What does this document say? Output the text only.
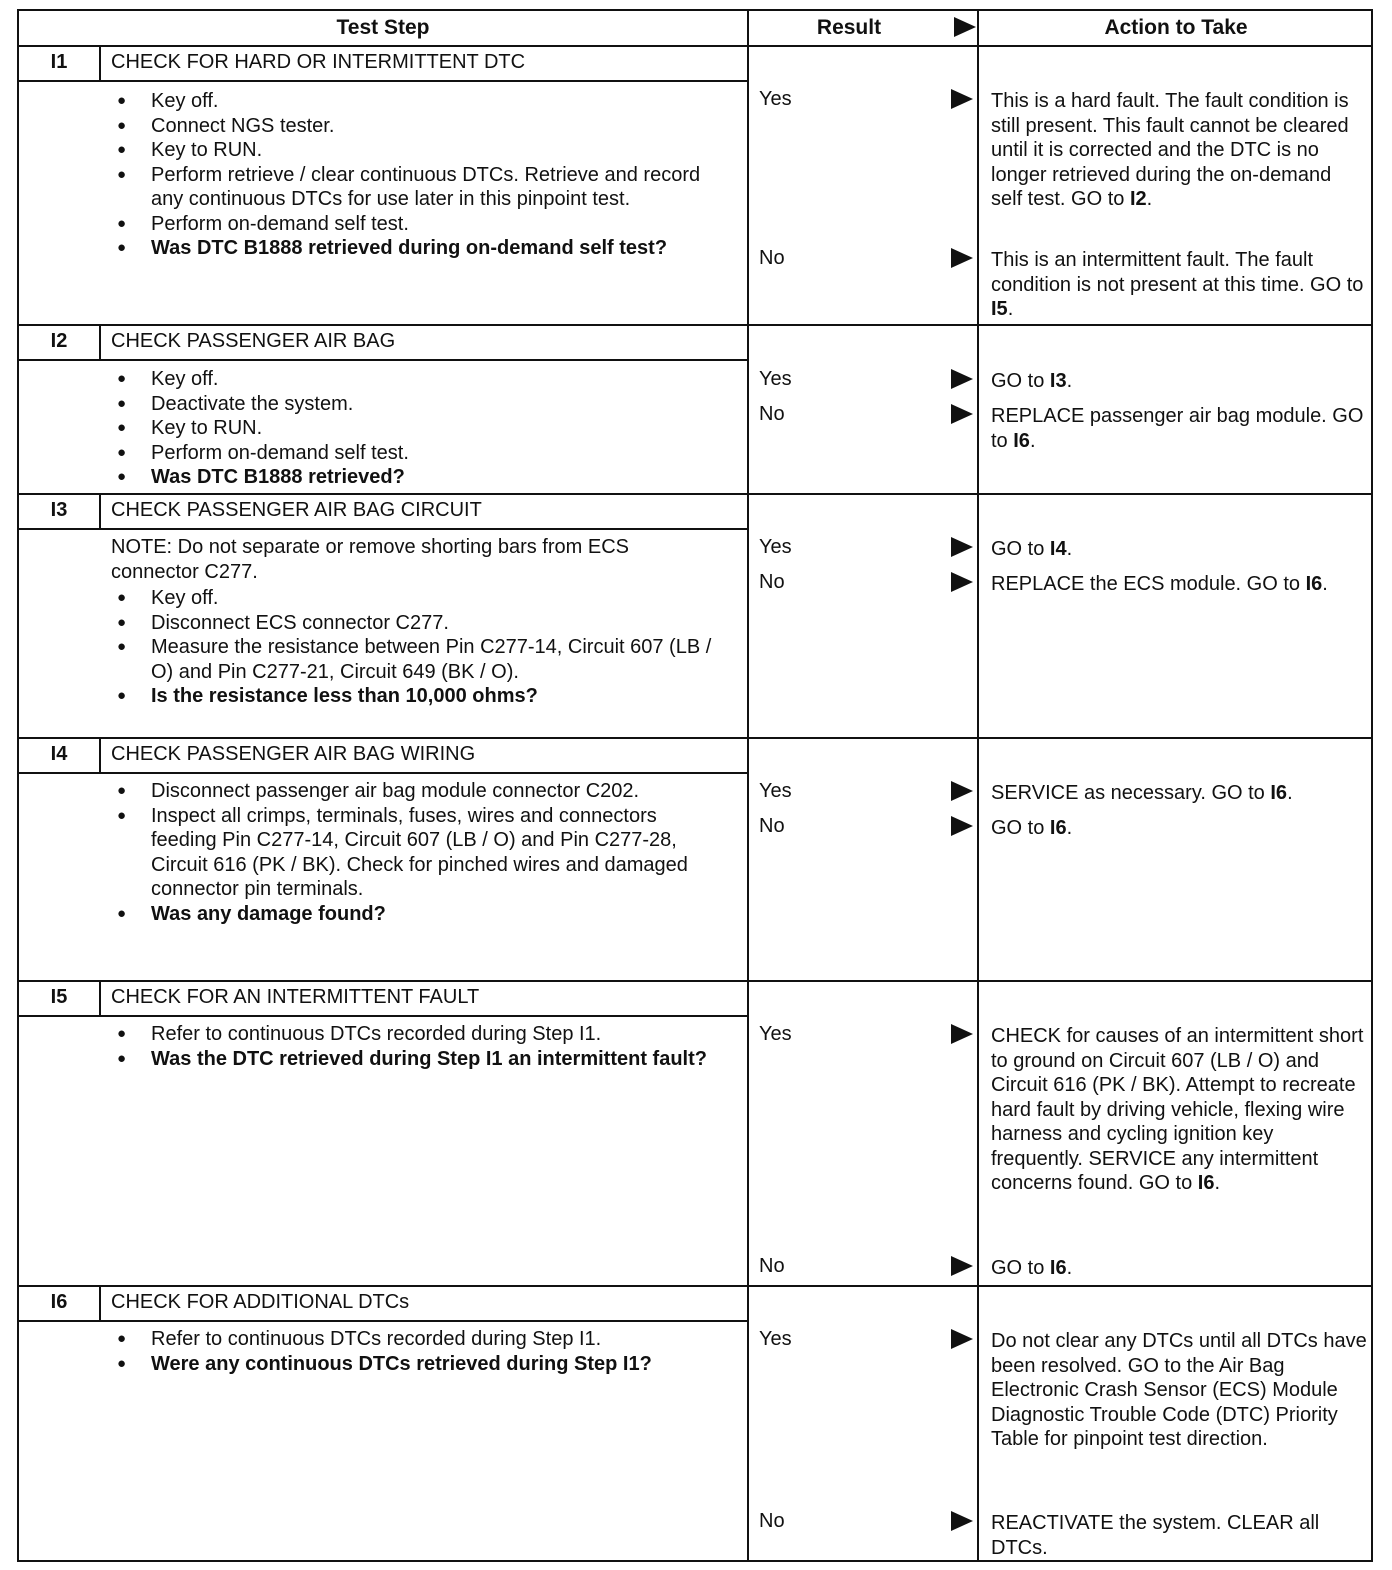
Test Step	Result	Action to Take
I1	CHECK FOR HARD OR INTERMITTENT DTC
● Key off.
● Connect NGS tester.
● Key to RUN.
● Perform retrieve / clear continuous DTCs. Retrieve and record any continuous DTCs for use later in this pinpoint test.
● Perform on-demand self test.
● Was DTC B1888 retrieved during on-demand self test?
Yes	This is a hard fault. The fault condition is still present. This fault cannot be cleared until it is corrected and the DTC is no longer retrieved during the on-demand self test. GO to I2.
No	This is an intermittent fault. The fault condition is not present at this time. GO to I5.
I2	CHECK PASSENGER AIR BAG
● Key off.
● Deactivate the system.
● Key to RUN.
● Perform on-demand self test.
● Was DTC B1888 retrieved?
Yes	GO to I3.
No	REPLACE passenger air bag module. GO to I6.
I3	CHECK PASSENGER AIR BAG CIRCUIT
NOTE: Do not separate or remove shorting bars from ECS connector C277.
● Key off.
● Disconnect ECS connector C277.
● Measure the resistance between Pin C277-14, Circuit 607 (LB / O) and Pin C277-21, Circuit 649 (BK / O).
● Is the resistance less than 10,000 ohms?
Yes	GO to I4.
No	REPLACE the ECS module. GO to I6.
I4	CHECK PASSENGER AIR BAG WIRING
● Disconnect passenger air bag module connector C202.
● Inspect all crimps, terminals, fuses, wires and connectors feeding Pin C277-14, Circuit 607 (LB / O) and Pin C277-28, Circuit 616 (PK / BK). Check for pinched wires and damaged connector pin terminals.
● Was any damage found?
Yes	SERVICE as necessary. GO to I6.
No	GO to I6.
I5	CHECK FOR AN INTERMITTENT FAULT
● Refer to continuous DTCs recorded during Step I1.
● Was the DTC retrieved during Step I1 an intermittent fault?
Yes	CHECK for causes of an intermittent short to ground on Circuit 607 (LB / O) and Circuit 616 (PK / BK). Attempt to recreate hard fault by driving vehicle, flexing wire harness and cycling ignition key frequently. SERVICE any intermittent concerns found. GO to I6.
No	GO to I6.
I6	CHECK FOR ADDITIONAL DTCs
● Refer to continuous DTCs recorded during Step I1.
● Were any continuous DTCs retrieved during Step I1?
Yes	Do not clear any DTCs until all DTCs have been resolved. GO to the Air Bag Electronic Crash Sensor (ECS) Module Diagnostic Trouble Code (DTC) Priority Table for pinpoint test direction.
No	REACTIVATE the system. CLEAR all DTCs.
